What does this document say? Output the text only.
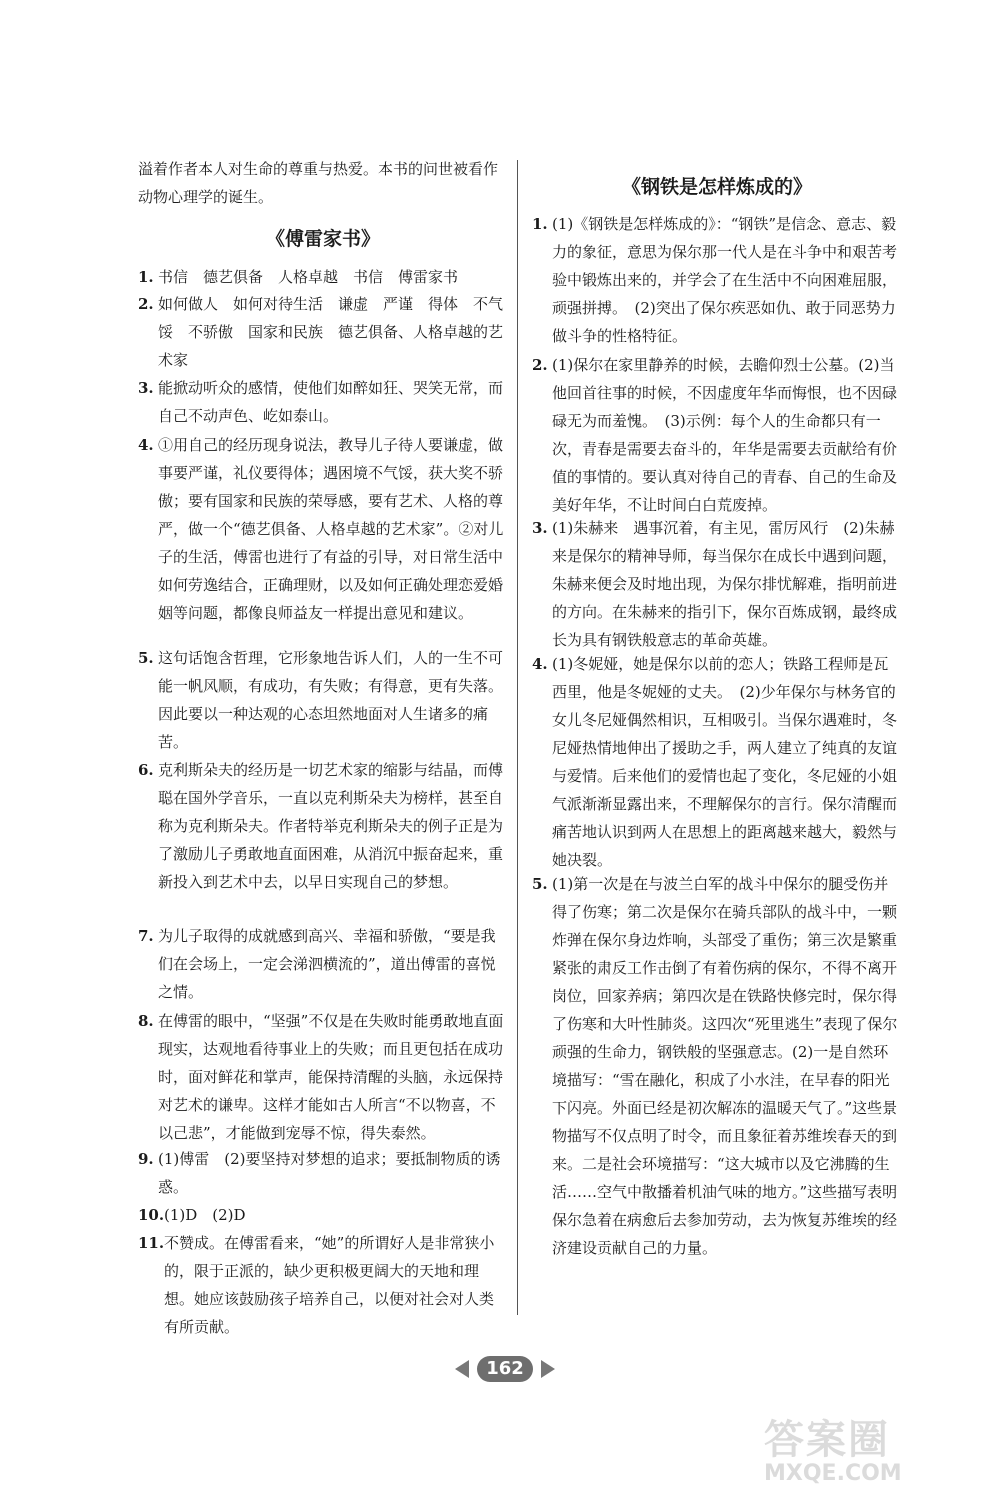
溢着作者本人对生命的尊重与热爱。本书的问世被看作动物心理学的诞生。
《傅雷家书》
1. 书信　德艺俱备　人格卓越　书信　傅雷家书
2. 如何做人　如何对待生活　谦虚　严谨　得体　不气馁　不骄傲　国家和民族　德艺俱备、人格卓越的艺术家
3. 能掀动听众的感情，使他们如醉如狂、哭笑无常，而自己不动声色、屹如泰山。
4. ①用自己的经历现身说法，教导儿子待人要谦虚，做事要严谨，礼仪要得体；遇困境不气馁，获大奖不骄傲；要有国家和民族的荣辱感，要有艺术、人格的尊严，做一个“德艺俱备、人格卓越的艺术家”。②对儿子的生活，傅雷也进行了有益的引导，对日常生活中如何劳逸结合，正确理财，以及如何正确处理恋爱婚姻等问题，都像良师益友一样提出意见和建议。
5. 这句话饱含哲理，它形象地告诉人们，人的一生不可能一帆风顺，有成功，有失败；有得意，更有失落。因此要以一种达观的心态坦然地面对人生诸多的痛苦。
6. 克利斯朵夫的经历是一切艺术家的缩影与结晶，而傅聪在国外学音乐，一直以克利斯朵夫为榜样，甚至自称为克利斯朵夫。作者特举克利斯朵夫的例子正是为了激励儿子勇敢地直面困难，从消沉中振奋起来，重新投入到艺术中去，以早日实现自己的梦想。
7. 为儿子取得的成就感到高兴、幸福和骄傲，“要是我们在会场上，一定会涕泗横流的”，道出傅雷的喜悦之情。
8. 在傅雷的眼中，“坚强”不仅是在失败时能勇敢地直面现实，达观地看待事业上的失败；而且更包括在成功时，面对鲜花和掌声，能保持清醒的头脑，永远保持对艺术的谦卑。这样才能如古人所言“不以物喜，不以己悲”，才能做到宠辱不惊，得失泰然。
9. (1)傅雷　(2)要坚持对梦想的追求；要抵制物质的诱惑。
10. (1)D　(2)D
11. 不赞成。在傅雷看来，“她”的所谓好人是非常狭小的，限于正派的，缺少更积极更阔大的天地和理想。她应该鼓励孩子培养自己，以便对社会对人类有所贡献。
《钢铁是怎样炼成的》
1. (1)《钢铁是怎样炼成的》：“钢铁”是信念、意志、毅力的象征，意思为保尔那一代人是在斗争中和艰苦考验中锻炼出来的，并学会了在生活中不向困难屈服，顽强拼搏。　(2)突出了保尔疾恶如仇、敢于同恶势力做斗争的性格特征。
2. (1)保尔在家里静养的时候，去瞻仰烈士公墓。(2)当他回首往事的时候，不因虚度年华而悔恨，也不因碌碌无为而羞愧。　(3)示例：每个人的生命都只有一次，青春是需要去奋斗的，年华是需要去贡献给有价值的事情的。要认真对待自己的青春、自己的生命及美好年华，不让时间白白荒废掉。
3. (1)朱赫来　遇事沉着，有主见，雷厉风行　(2)朱赫来是保尔的精神导师，每当保尔在成长中遇到问题，朱赫来便会及时地出现，为保尔排忧解难，指明前进的方向。在朱赫来的指引下，保尔百炼成钢，最终成长为具有钢铁般意志的革命英雄。
4. (1)冬妮娅，她是保尔以前的恋人；铁路工程师是瓦西里，他是冬妮娅的丈夫。　(2)少年保尔与林务官的女儿冬尼娅偶然相识，互相吸引。当保尔遇难时，冬尼娅热情地伸出了援助之手，两人建立了纯真的友谊与爱情。后来他们的爱情也起了变化，冬尼娅的小姐气派渐渐显露出来，不理解保尔的言行。保尔清醒而痛苦地认识到两人在思想上的距离越来越大，毅然与她决裂。
5. (1)第一次是在与波兰白军的战斗中保尔的腿受伤并得了伤寒；第二次是保尔在骑兵部队的战斗中，一颗炸弹在保尔身边炸响，头部受了重伤；第三次是繁重紧张的肃反工作击倒了有着伤病的保尔，不得不离开岗位，回家养病；第四次是在铁路快修完时，保尔得了伤寒和大叶性肺炎。这四次“死里逃生”表现了保尔顽强的生命力，钢铁般的坚强意志。(2)一是自然环境描写：“雪在融化，积成了小水洼，在早春的阳光下闪亮。外面已经是初次解冻的温暖天气了。”这些景物描写不仅点明了时令，而且象征着苏维埃春天的到来。二是社会环境描写：“这大城市以及它沸腾的生活……空气中散播着机油气味的地方。”这些描写表明保尔急着在病愈后去参加劳动，去为恢复苏维埃的经济建设贡献自己的力量。
162
答案圈
MXQE.COM
